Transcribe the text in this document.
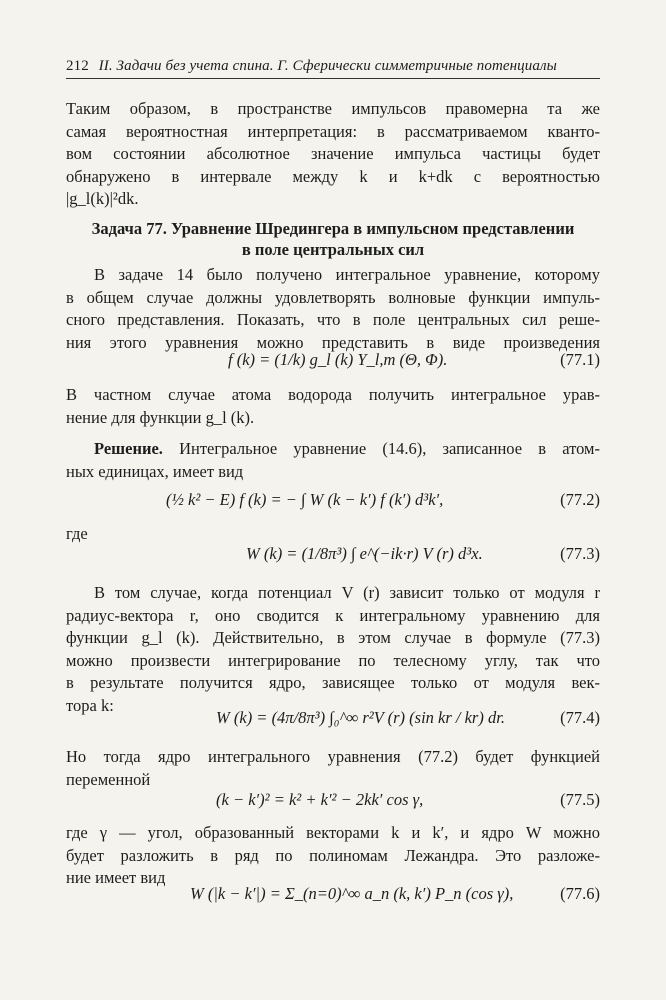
212 II. Задачи без учета спина. Г. Сферически симметричные потенциалы
Таким образом, в пространстве импульсов правомерна та же
самая вероятностная интерпретация: в рассматриваемом кванто-
вом состоянии абсолютное значение импульса частицы будет
обнаружено в интервале между k и k+dk с вероятностью
|g_l(k)|²dk.
Задача 77. Уравнение Шредингера в импульсном представлении
в поле центральных сил
В задаче 14 было получено интегральное уравнение, которому
в общем случае должны удовлетворять волновые функции импуль-
сного представления. Показать, что в поле центральных сил реше-
ния этого уравнения можно представить в виде произведения
f (k) = (1/k) g_l (k) Y_l,m (Θ, Φ).	(77.1)
В частном случае атома водорода получить интегральное урав-
нение для функции g_l (k).
Решение. Интегральное уравнение (14.6), записанное в атом-
ных единицах, имеет вид
(½ k² − E) f (k) = − ∫ W (k − k′) f (k′) d³k′,	(77.2)
где
W (k) = (1/8π³) ∫ e^(−ik·r) V (r) d³x.	(77.3)
В том случае, когда потенциал V (r) зависит только от модуля r
радиус-вектора r, оно сводится к интегральному уравнению для
функции g_l (k). Действительно, в этом случае в формуле (77.3)
можно произвести интегрирование по телесному углу, так что
в результате получится ядро, зависящее только от модуля век-
тора k:
W (k) = (4π/8π³) ∫₀^∞ r²V (r) (sin kr / kr) dr.	(77.4)
Но тогда ядро интегрального уравнения (77.2) будет функцией
переменной
(k − k′)² = k² + k′² − 2kk′ cos γ,	(77.5)
где γ — угол, образованный векторами k и k′, и ядро W можно
будет разложить в ряд по полиномам Лежандра. Это разложе-
ние имеет вид
W (|k − k′|) = Σ_(n=0)^∞ a_n (k, k′) P_n (cos γ),	(77.6)
